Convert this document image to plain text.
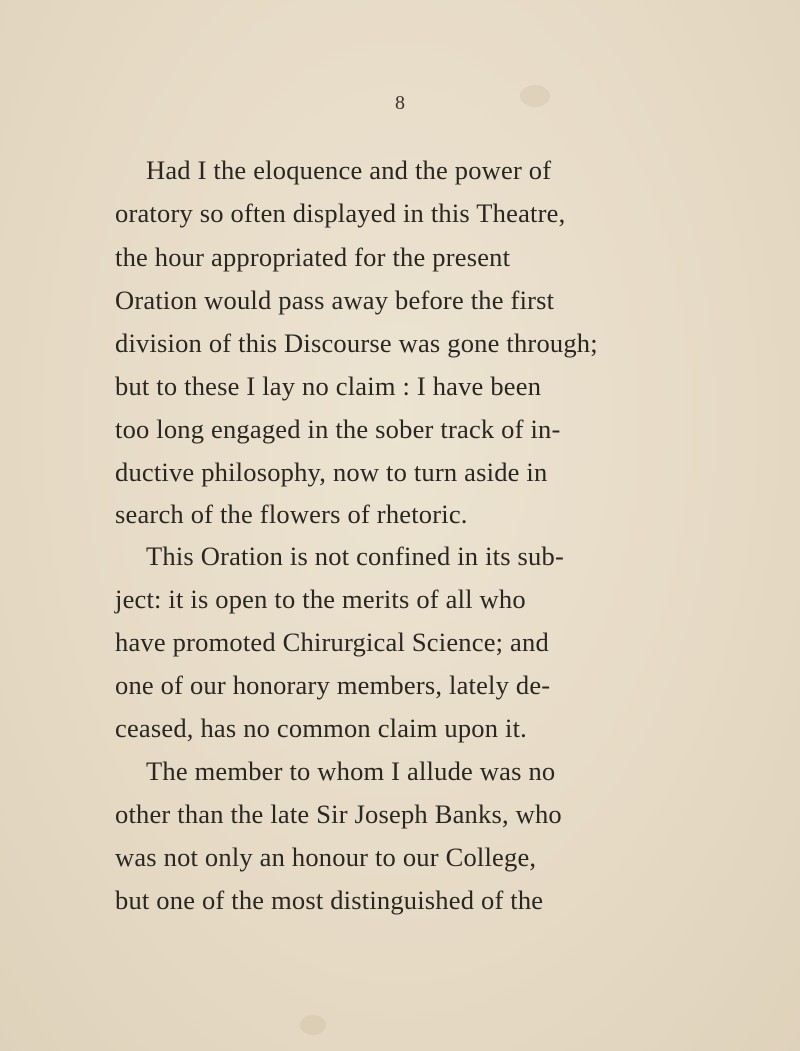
8
Had I the eloquence and the power of
oratory so often displayed in this Theatre,
the hour appropriated for the present
Oration would pass away before the first
division of this Discourse was gone through;
but to these I lay no claim : I have been
too long engaged in the sober track of in-
ductive philosophy, now to turn aside in
search of the flowers of rhetoric.
This Oration is not confined in its sub-
ject: it is open to the merits of all who
have promoted Chirurgical Science; and
one of our honorary members, lately de-
ceased, has no common claim upon it.
The member to whom I allude was no
other than the late Sir Joseph Banks, who
was not only an honour to our College,
but one of the most distinguished of the
